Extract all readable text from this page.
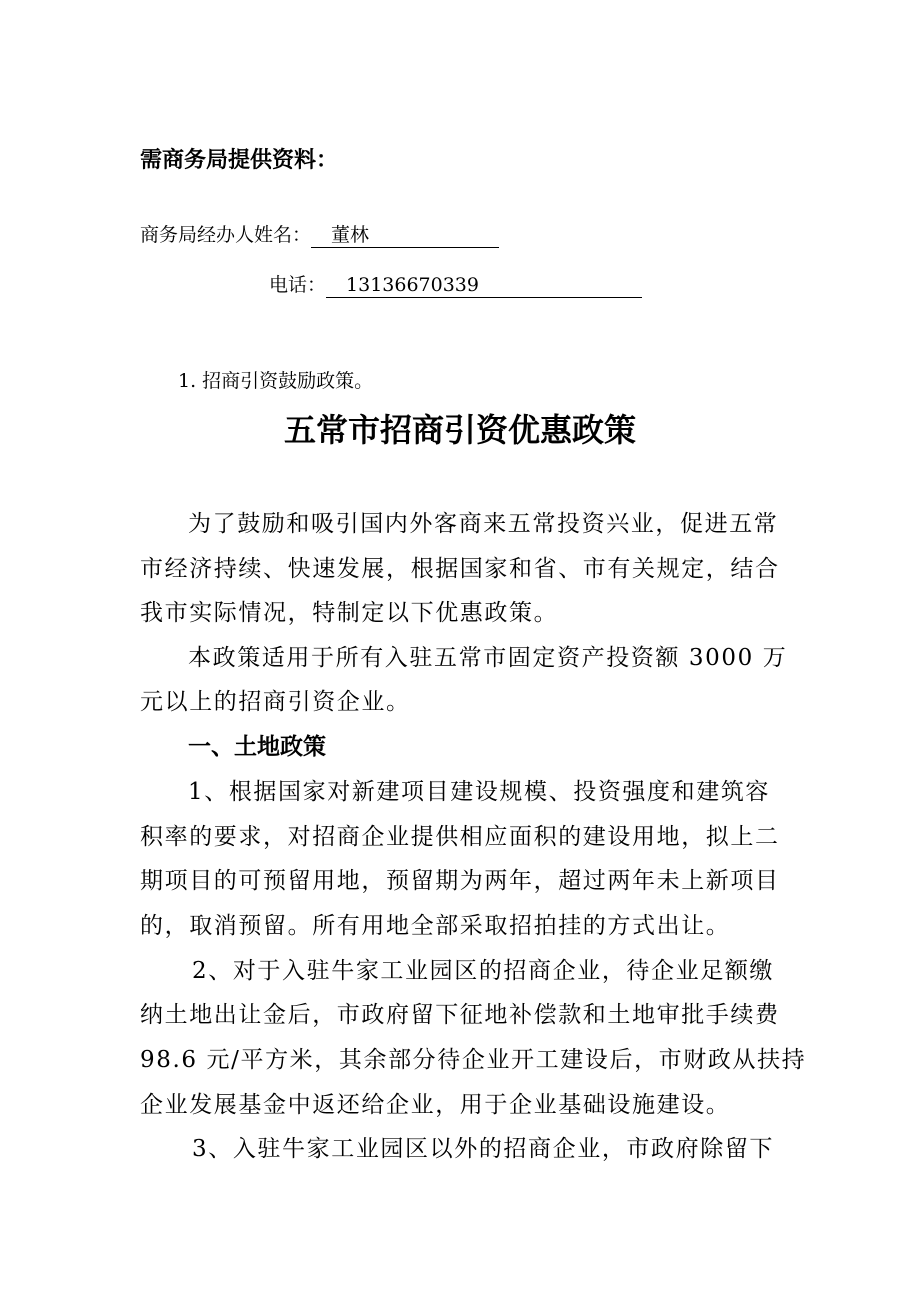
需商务局提供资料：
商务局经办人姓名： 董林
电话： 13136670339
1. 招商引资鼓励政策。
五常市招商引资优惠政策
为了鼓励和吸引国内外客商来五常投资兴业，促进五常
市经济持续、快速发展，根据国家和省、市有关规定，结合
我市实际情况，特制定以下优惠政策。
本政策适用于所有入驻五常市固定资产投资额 3000 万
元以上的招商引资企业。
一、土地政策
1、根据国家对新建项目建设规模、投资强度和建筑容
积率的要求，对招商企业提供相应面积的建设用地，拟上二
期项目的可预留用地，预留期为两年，超过两年未上新项目
的，取消预留。所有用地全部采取招拍挂的方式出让。
2、对于入驻牛家工业园区的招商企业，待企业足额缴
纳土地出让金后，市政府留下征地补偿款和土地审批手续费
98.6 元/平方米，其余部分待企业开工建设后，市财政从扶持
企业发展基金中返还给企业，用于企业基础设施建设。
3、入驻牛家工业园区以外的招商企业，市政府除留下
